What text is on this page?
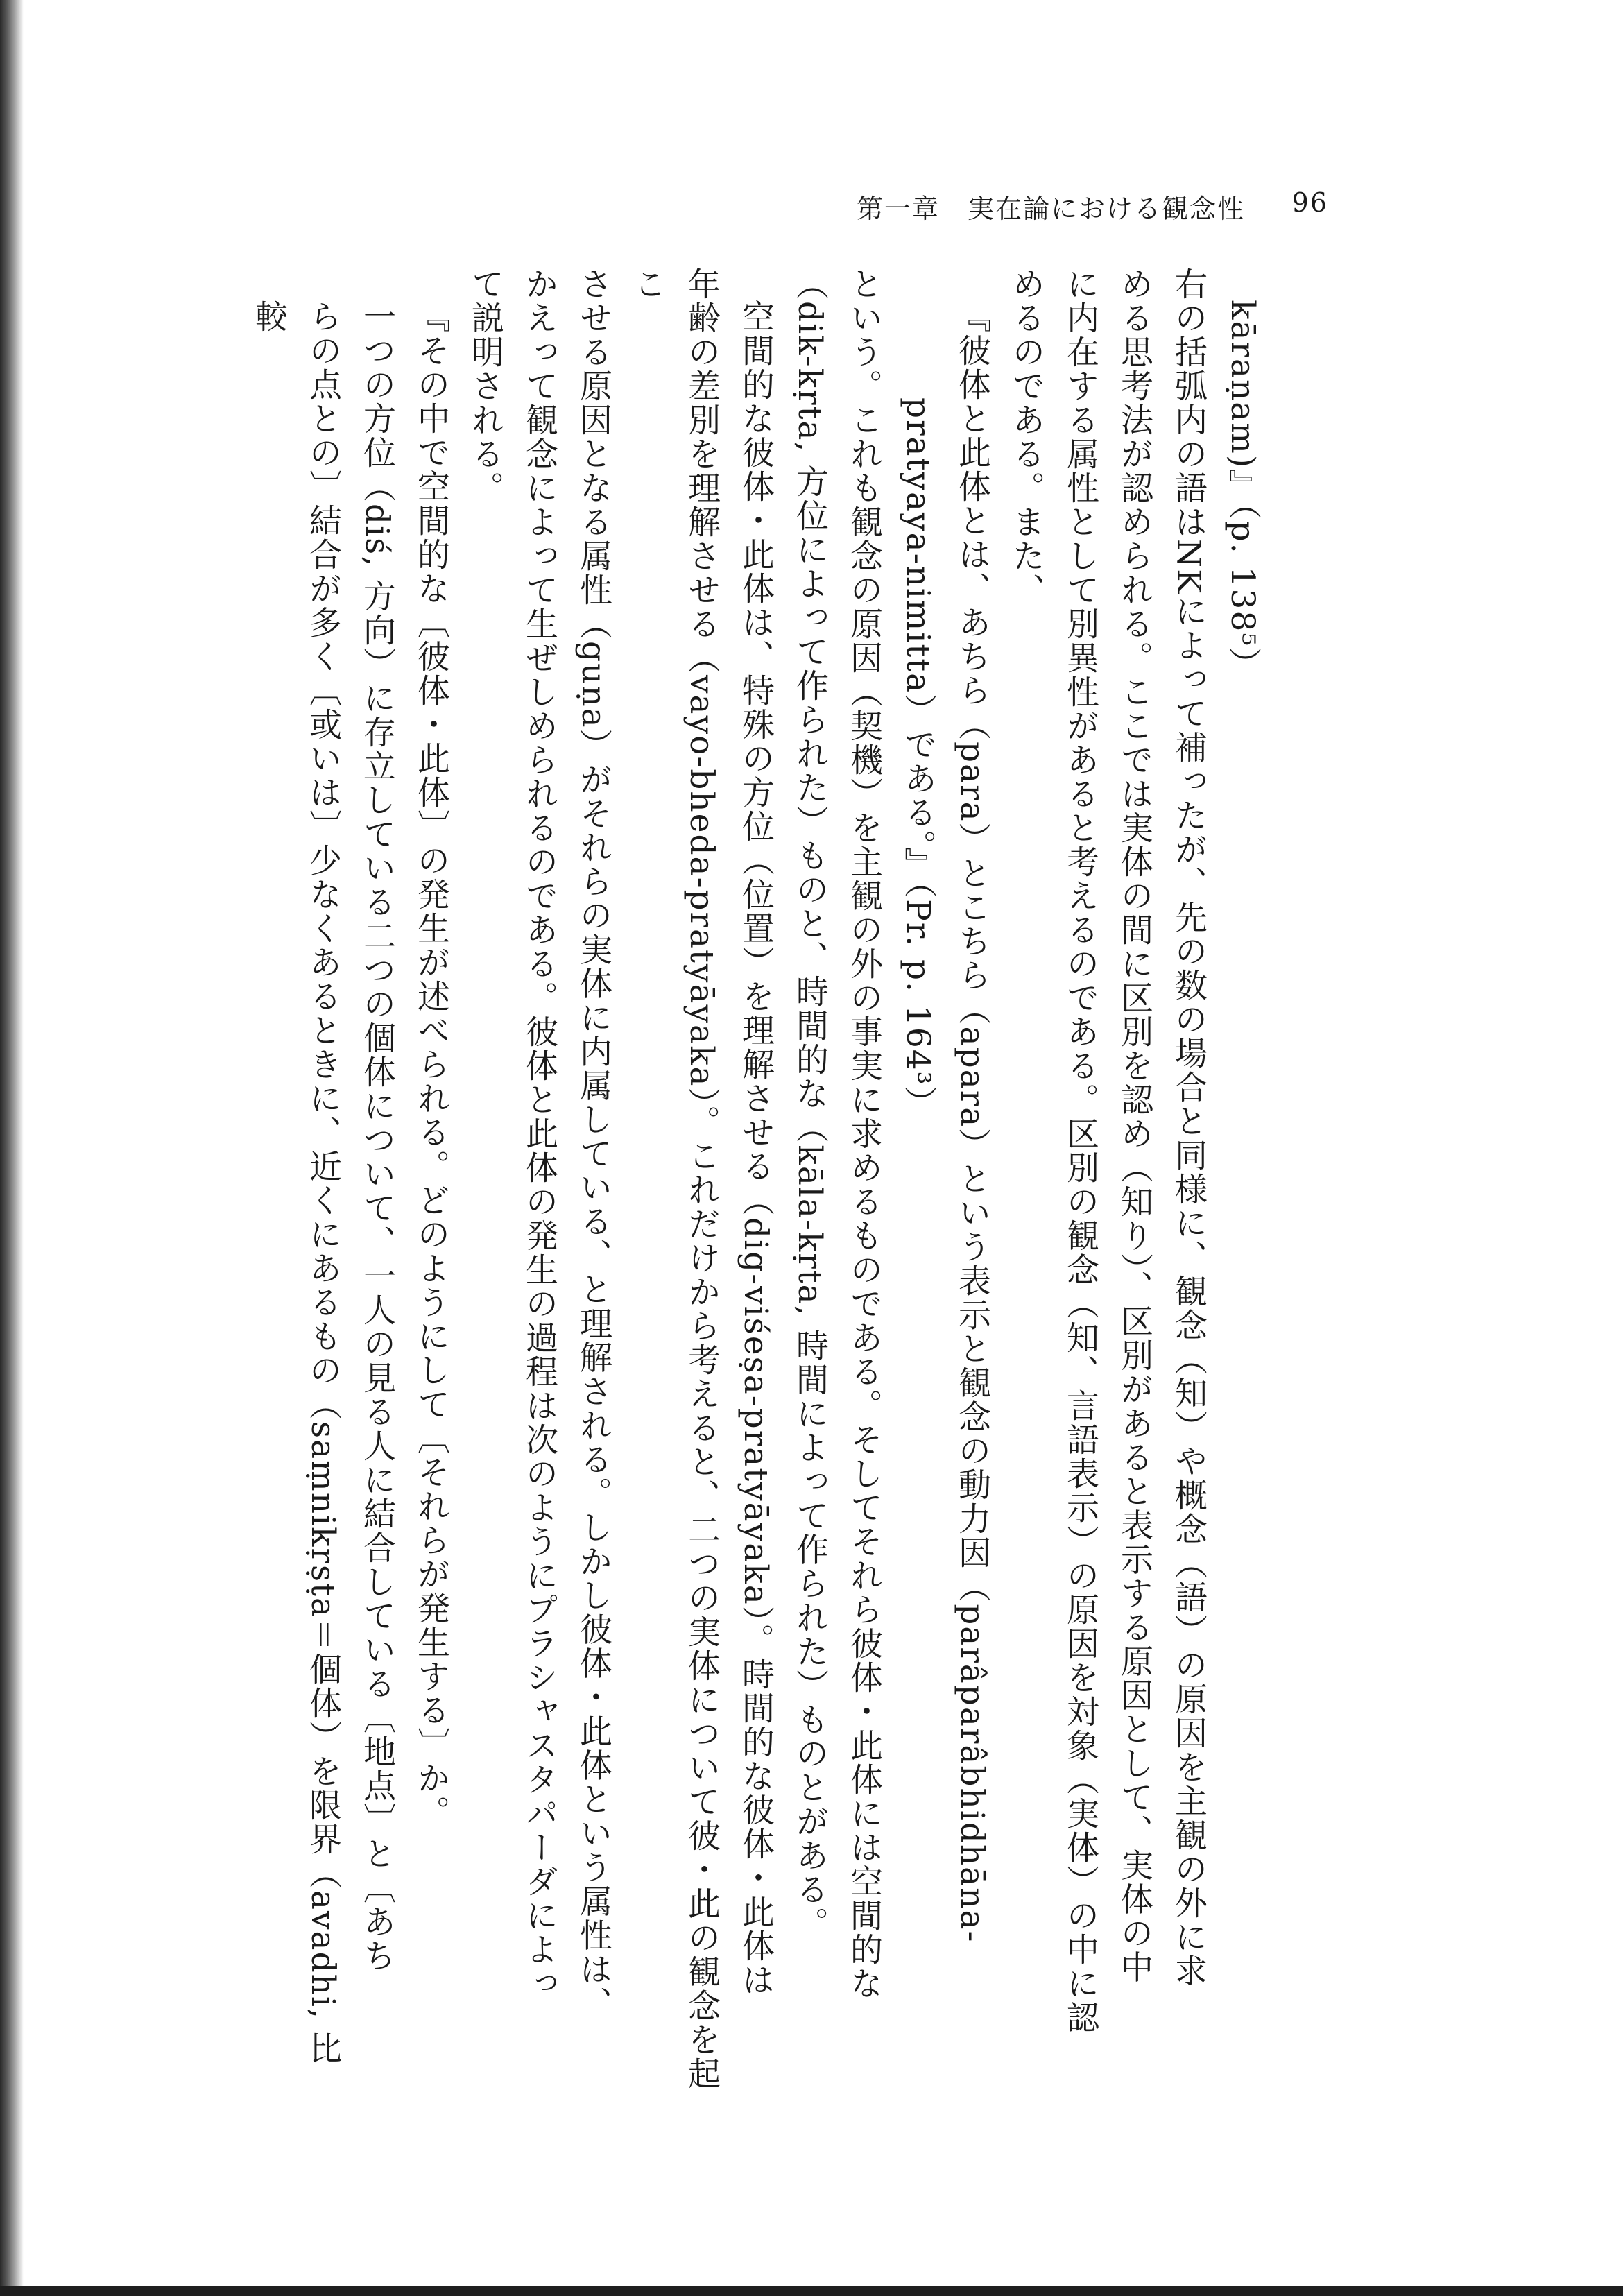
第一章　実在論における観念性 96

kāraṇam)』（p. 138⁵）

右の括弧内の語はNKによって補ったが、先の数の場合と同様に、観念（知）や概念（語）の原因を主観の外に求

める思考法が認められる。ここでは実体の間に区別を認め（知り）、区別があると表示する原因として、実体の中

に内在する属性として別異性があると考えるのである。区別の観念（知、言語表示）の原因を対象（実体）の中に認

めるのである。また、

『彼体と此体とは、あちら（para）とこちら（apara）という表示と観念の動力因（parâparâbhidhāna-

pratyaya-nimitta）である。』（Pr. p. 164³）

という。これも観念の原因（契機）を主観の外の事実に求めるものである。そしてそれら彼体・此体には空間的な

（dik-kṛta, 方位によって作られた）ものと、時間的な（kāla-kṛta, 時間によって作られた）ものとがある。

空間的な彼体・此体は、特殊の方位（位置）を理解させる（dig-viśeṣa-pratyāyaka）。時間的な彼体・此体は

年齢の差別を理解させる（vayo-bheda-pratyāyaka）。これだけから考えると、二つの実体について彼・此の観念を起こ

させる原因となる属性（guṇa）がそれらの実体に内属している、と理解される。しかし彼体・此体という属性は、

かえって観念によって生ぜしめられるのである。彼体と此体の発生の過程は次のようにプラシャスタパーダによっ

て説明される。

『その中で空間的な〔彼体・此体〕の発生が述べられる。どのようにして〔それらが発生する〕か。

一つの方位（diś, 方向）に存立している二つの個体について、一人の見る人に結合している〔地点〕と〔あち

らの点との〕結合が多く〔或いは〕少なくあるときに、近くにあるもの（saṃnikṛṣṭa＝個体）を限界（avadhi, 比較
